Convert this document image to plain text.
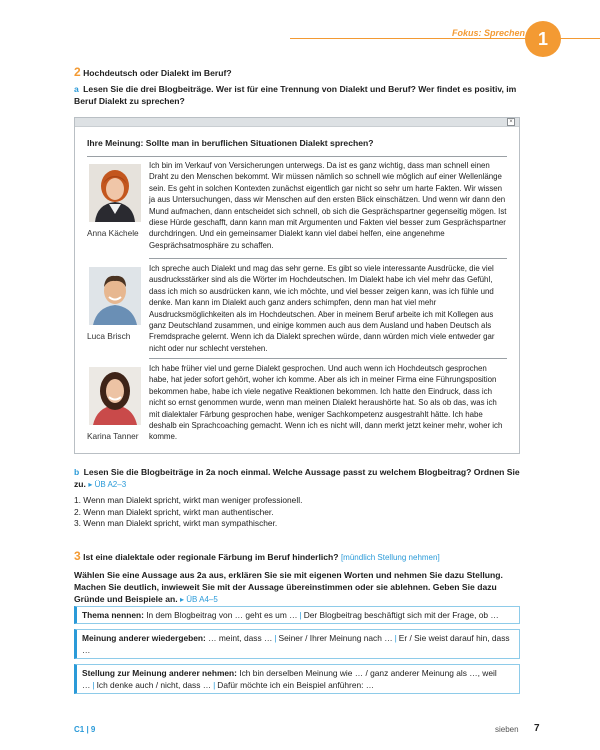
Fokus: Sprechen 1
2 Hochdeutsch oder Dialekt im Beruf?
a Lesen Sie die drei Blogbeiträge. Wer ist für eine Trennung von Dialekt und Beruf? Wer findet es positiv, im Beruf Dialekt zu sprechen?
×
Ihre Meinung: Sollte man in beruflichen Situationen Dialekt sprechen?
Anna Kächele
Ich bin im Verkauf von Versicherungen unterwegs. Da ist es ganz wichtig, dass man schnell einen Draht zu den Menschen bekommt. Wir müssen nämlich so schnell wie möglich auf einer Wellenlänge sein. Es geht in solchen Kontexten zunächst eigentlich gar nicht so sehr um harte Fakten. Wir wissen ja aus Untersuchungen, dass wir Menschen auf den ersten Blick einschätzen. Und wenn wir dann den Mund aufmachen, dann entscheidet sich schnell, ob sich die Gesprächspartner gegenseitig mögen. Ist diese Hürde geschafft, dann kann man mit Argumenten und Fakten viel besser zum Gesprächspartner durchdringen. Und ein gemeinsamer Dialekt kann viel dabei helfen, eine angenehme Gesprächsatmosphäre zu schaffen.
Luca Brisch
Ich spreche auch Dialekt und mag das sehr gerne. Es gibt so viele interessante Ausdrücke, die viel ausdrucksstärker sind als die Wörter im Hochdeutschen. Im Dialekt habe ich viel mehr das Gefühl, dass ich mich so ausdrücken kann, wie ich möchte, und viel besser zeigen kann, was ich fühle und denke. Man kann im Dialekt auch ganz anders schimpfen, denn man hat viel mehr Ausdrucksmöglichkeiten als im Hochdeutschen. Aber in meinem Beruf arbeite ich mit Kollegen aus ganz Deutschland zusammen, und einige kommen auch aus dem Ausland und haben Deutsch als Fremdsprache gelernt. Wenn ich da Dialekt sprechen würde, dann würden mich viele entweder gar nicht oder nur schlecht verstehen.
Karina Tanner
Ich habe früher viel und gerne Dialekt gesprochen. Und auch wenn ich Hochdeutsch gesprochen habe, hat jeder sofort gehört, woher ich komme. Aber als ich in meiner Firma eine Führungsposition bekommen habe, habe ich viele negative Reaktionen bekommen. Ich hatte den Eindruck, dass ich nicht so ernst genommen wurde, wenn man meinen Dialekt heraushörte hat. So als ob das, was ich mit dialektaler Färbung gesprochen habe, weniger Sachkompetenz ausgestrahlt hätte. Ich habe deshalb ein Sprachcoaching gemacht. Wenn ich es nicht will, dann merkt jetzt keiner mehr, woher ich komme.
b Lesen Sie die Blogbeiträge in 2a noch einmal. Welche Aussage passt zu welchem Blogbeitrag? Ordnen Sie zu. ▸ ÜB A2–3
1. Wenn man Dialekt spricht, wirkt man weniger professionell.
2. Wenn man Dialekt spricht, wirkt man authentischer.
3. Wenn man Dialekt spricht, wirkt man sympathischer.
3 Ist eine dialektale oder regionale Färbung im Beruf hinderlich? [mündlich Stellung nehmen]
Wählen Sie eine Aussage aus 2a aus, erklären Sie sie mit eigenen Worten und nehmen Sie dazu Stellung. Machen Sie deutlich, inwieweit Sie mit der Aussage übereinstimmen oder sie ablehnen. Geben Sie dazu Gründe und Beispiele an. ▸ ÜB A4–5
Thema nennen: In dem Blogbeitrag von … geht es um … | Der Blogbeitrag beschäftigt sich mit der Frage, ob …
Meinung anderer wiedergeben: … meint, dass … | Seiner / Ihrer Meinung nach … | Er / Sie weist darauf hin, dass …
Stellung zur Meinung anderer nehmen: Ich bin derselben Meinung wie … / ganz anderer Meinung als …, weil … | Ich denke auch / nicht, dass … | Dafür möchte ich ein Beispiel anführen: …
C1 | 9	sieben 7
